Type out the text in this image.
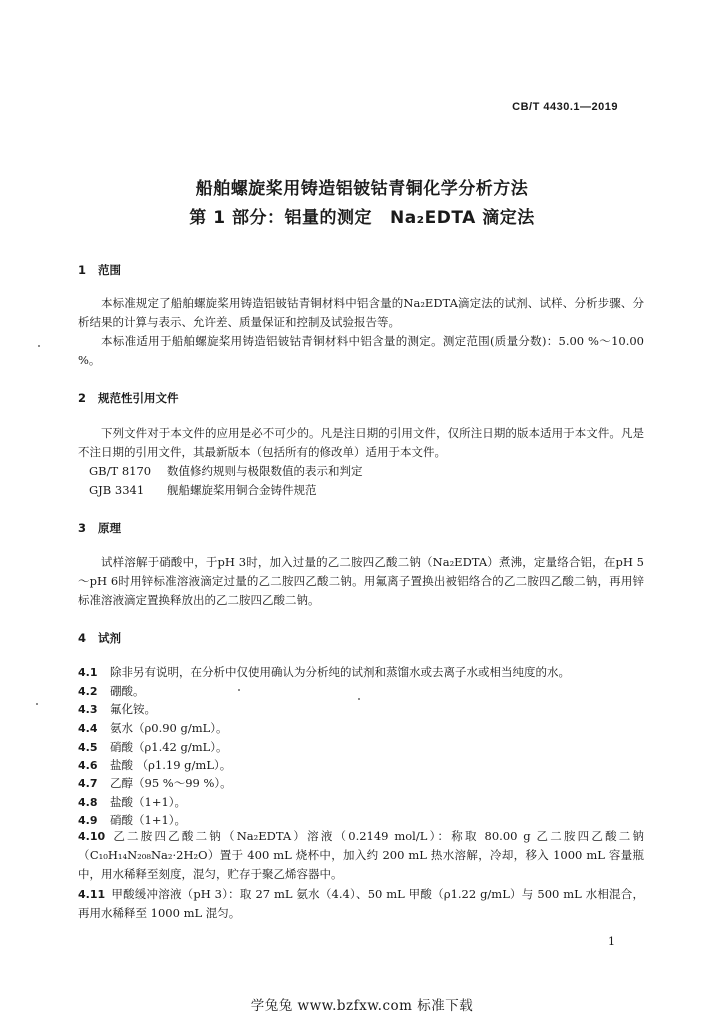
CB/T 4430.1—2019
船舶螺旋桨用铸造铝铍钴青铜化学分析方法
第 1 部分：铝量的测定 Na₂EDTA 滴定法
1 范围
本标准规定了船舶螺旋桨用铸造铝铍钴青铜材料中铝含量的Na₂EDTA滴定法的试剂、试样、分析步骤、分析结果的计算与表示、允许差、质量保证和控制及试验报告等。
本标准适用于船舶螺旋桨用铸造铝铍钴青铜材料中铝含量的测定。测定范围(质量分数)：5.00 %～10.00 %。
2 规范性引用文件
下列文件对于本文件的应用是必不可少的。凡是注日期的引用文件，仅所注日期的版本适用于本文件。凡是不注日期的引用文件，其最新版本（包括所有的修改单）适用于本文件。
GB/T 8170 数值修约规则与极限数值的表示和判定
GJB 3341 舰船螺旋桨用铜合金铸件规范
3 原理
试样溶解于硝酸中，于pH 3时，加入过量的乙二胺四乙酸二钠（Na₂EDTA）煮沸，定量络合铝，在pH 5～pH 6时用锌标准溶液滴定过量的乙二胺四乙酸二钠。用氟离子置换出被铝络合的乙二胺四乙酸二钠，再用锌标准溶液滴定置换释放出的乙二胺四乙酸二钠。
4 试剂
4.1 除非另有说明，在分析中仅使用确认为分析纯的试剂和蒸馏水或去离子水或相当纯度的水。
4.2 硼酸。
4.3 氟化铵。
4.4 氨水（ρ0.90 g/mL）。
4.5 硝酸（ρ1.42 g/mL）。
4.6 盐酸 （ρ1.19 g/mL）。
4.7 乙醇（95 %～99 %）。
4.8 盐酸（1+1）。
4.9 硝酸（1+1）。
4.10 乙二胺四乙酸二钠（Na₂EDTA）溶液（0.2149 mol/L）：称取 80.00 g 乙二胺四乙酸二钠（C₁₀H₁₄N₂₀₈Na₂·2H₂O）置于 400 mL 烧杯中，加入约 200 mL 热水溶解，冷却，移入 1000 mL 容量瓶中，用水稀释至刻度，混匀，贮存于聚乙烯容器中。
4.11 甲酸缓冲溶液（pH 3）：取 27 mL 氨水（4.4）、50 mL 甲酸（ρ1.22 g/mL）与 500 mL 水相混合，再用水稀释至 1000 mL 混匀。
1
学兔兔 www.bzfxw.com 标准下载
